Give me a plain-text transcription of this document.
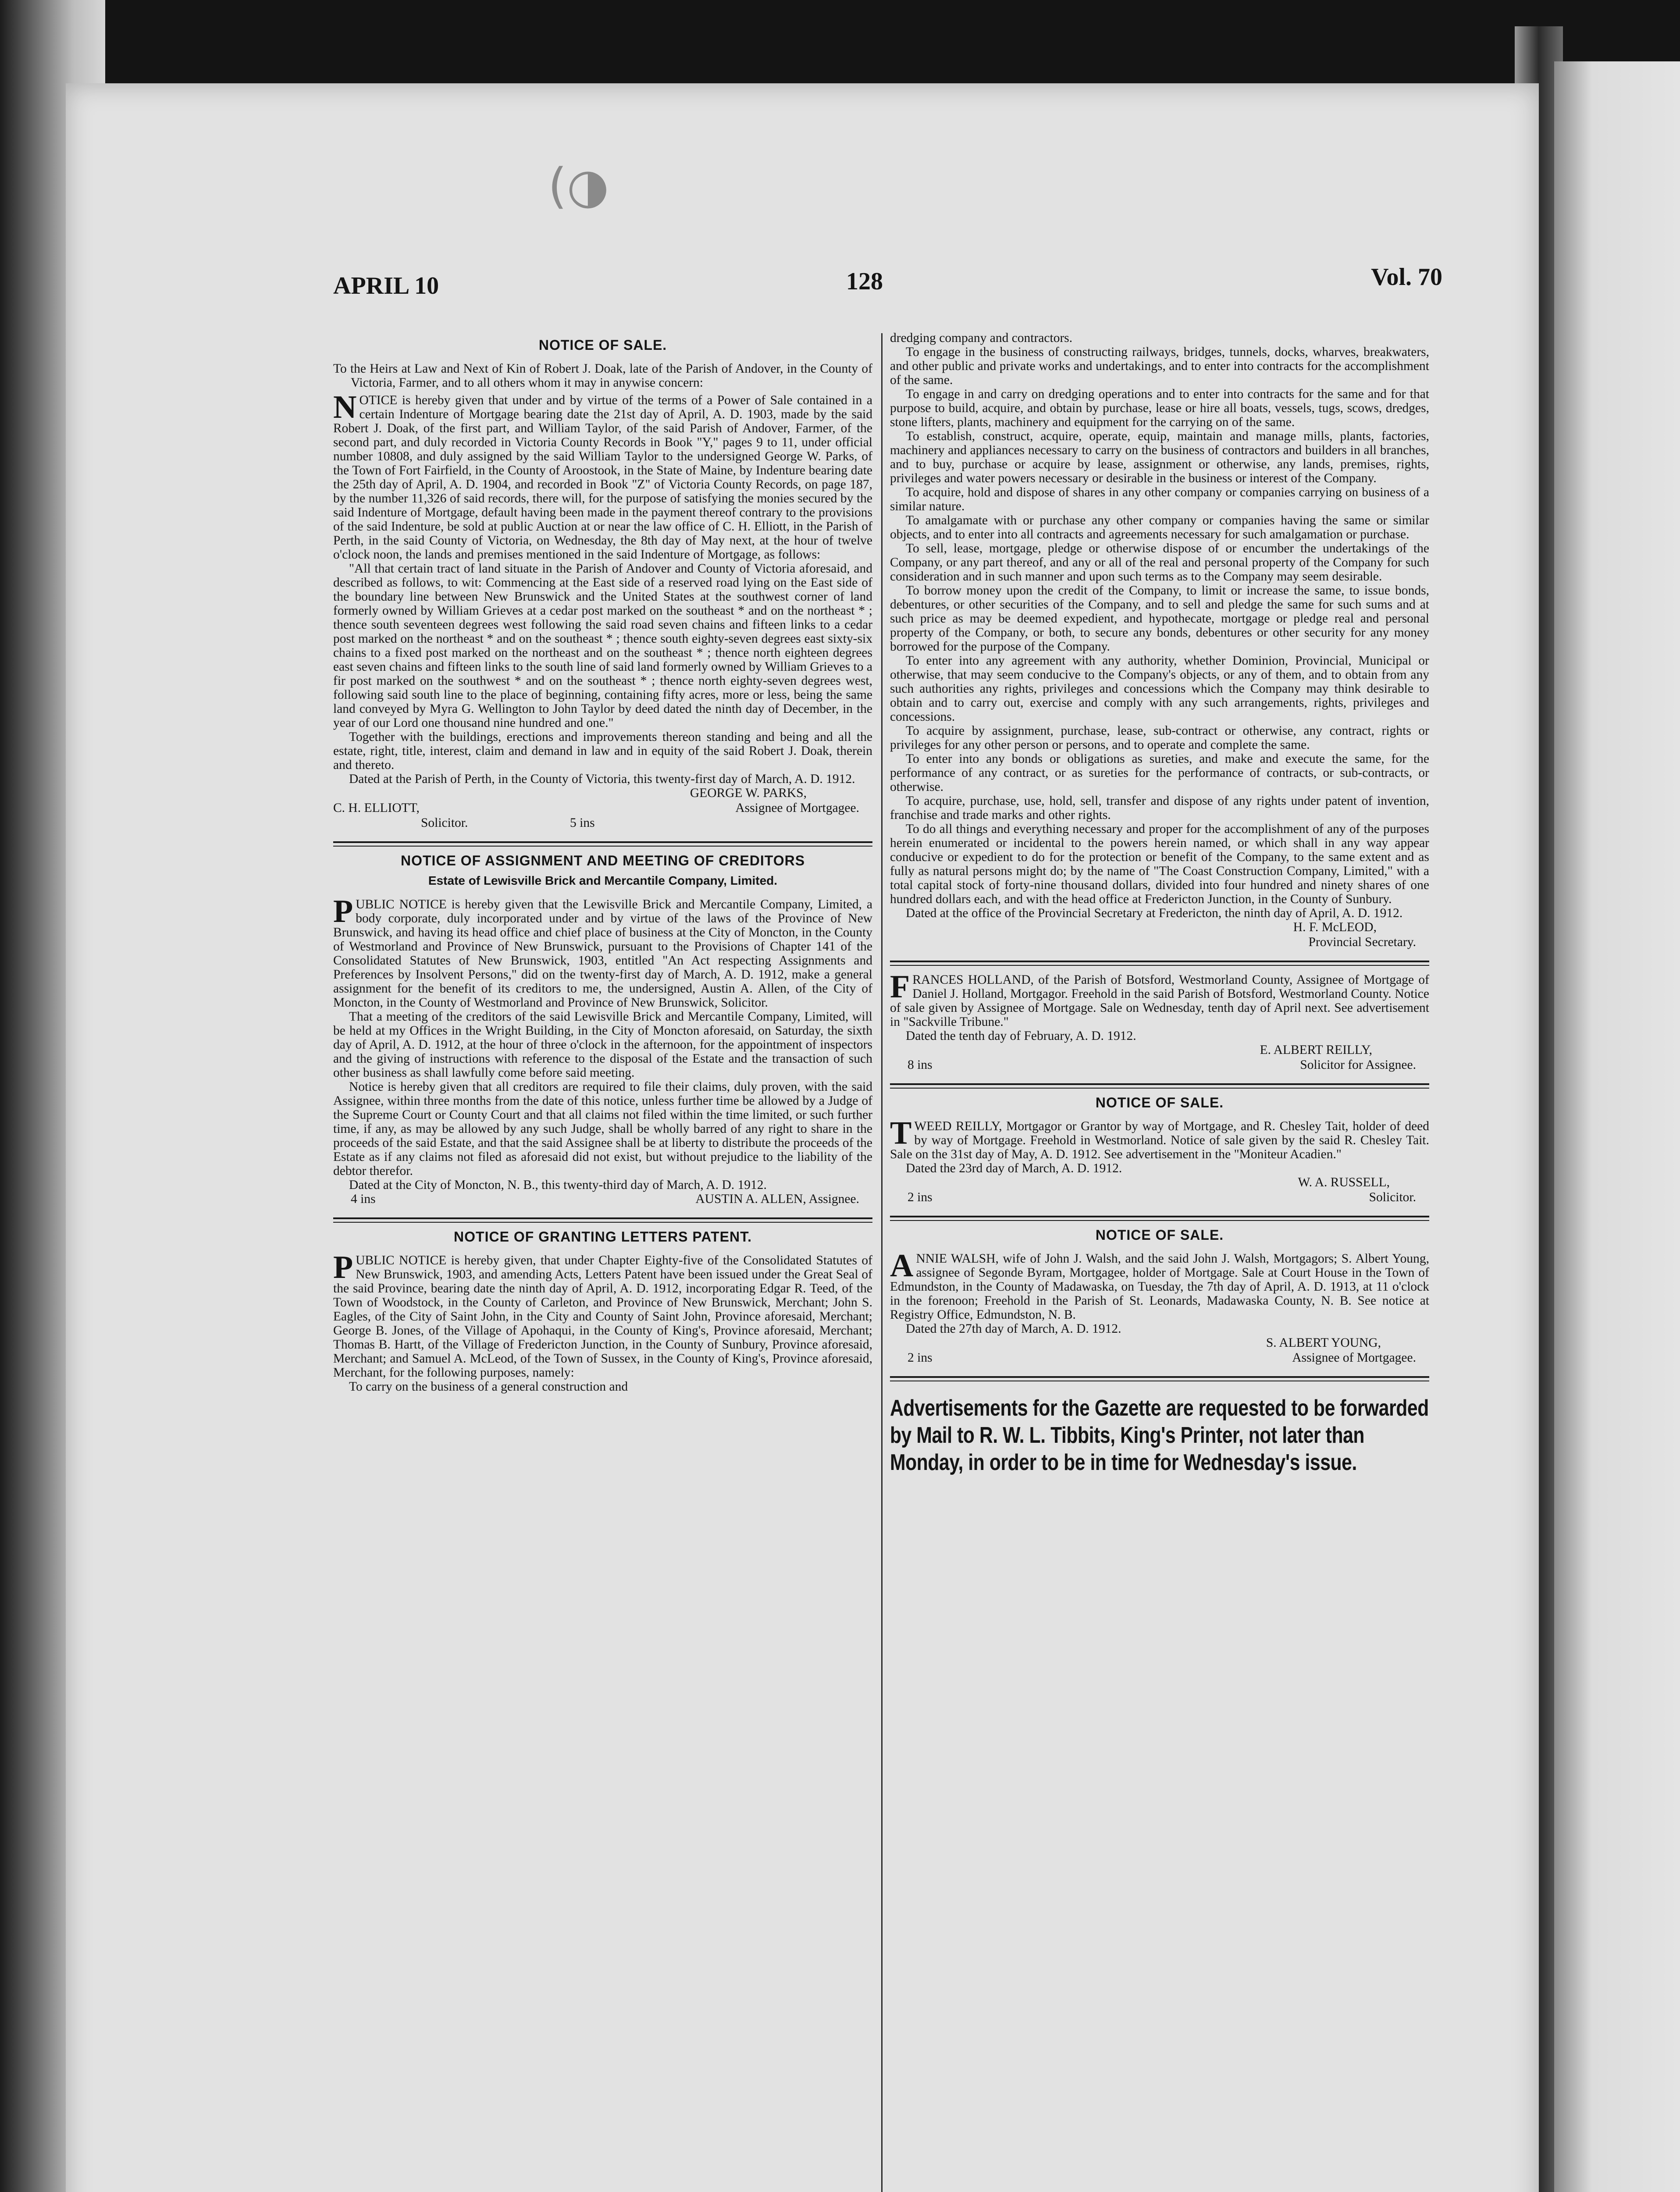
(◑
APRIL 10	128	Vol. 70
NOTICE OF SALE.

To the Heirs at Law and Next of Kin of Robert J. Doak, late of the Parish of Andover, in the County of Victoria, Farmer, and to all others whom it may in anywise concern:

NOTICE is hereby given that under and by virtue of the terms of a Power of Sale contained in a certain Indenture of Mortgage bearing date the 21st day of April, A. D. 1903, made by the said Robert J. Doak, of the first part, and William Taylor, of the said Parish of Andover, Farmer, of the second part, and duly recorded in Victoria County Records in Book "Y," pages 9 to 11, under official number 10808, and duly assigned by the said William Taylor to the undersigned George W. Parks, of the Town of Fort Fairfield, in the County of Aroostook, in the State of Maine, by Indenture bearing date the 25th day of April, A. D. 1904, and recorded in Book "Z" of Victoria County Records, on page 187, by the number 11,326 of said records, there will, for the purpose of satisfying the monies secured by the said Indenture of Mortgage, default having been made in the payment thereof contrary to the provisions of the said Indenture, be sold at public Auction at or near the law office of C. H. Elliott, in the Parish of Perth, in the said County of Victoria, on Wednesday, the 8th day of May next, at the hour of twelve o'clock noon, the lands and premises mentioned in the said Indenture of Mortgage, as follows:

"All that certain tract of land situate in the Parish of Andover and County of Victoria aforesaid, and described as follows, to wit: Commencing at the East side of a reserved road lying on the East side of the boundary line between New Brunswick and the United States at the southwest corner of land formerly owned by William Grieves at a cedar post marked on the southeast * and on the northeast * ; thence south seventeen degrees west following the said road seven chains and fifteen links to a cedar post marked on the northeast * and on the southeast * ; thence south eighty-seven degrees east sixty-six chains to a fixed post marked on the northeast and on the southeast * ; thence north eighteen degrees east seven chains and fifteen links to the south line of said land formerly owned by William Grieves to a fir post marked on the southwest * and on the southeast * ; thence north eighty-seven degrees west, following said south line to the place of beginning, containing fifty acres, more or less, being the same land conveyed by Myra G. Wellington to John Taylor by deed dated the ninth day of December, in the year of our Lord one thousand nine hundred and one."

Together with the buildings, erections and improvements thereon standing and being and all the estate, right, title, interest, claim and demand in law and in equity of the said Robert J. Doak, therein and thereto.

Dated at the Parish of Perth, in the County of Victoria, this twenty-first day of March, A. D. 1912.

GEORGE W. PARKS,
C. H. ELLIOTT,	Assignee of Mortgagee.
Solicitor.	5 ins
NOTICE OF ASSIGNMENT AND MEETING OF CREDITORS
Estate of Lewisville Brick and Mercantile Company, Limited.

PUBLIC NOTICE is hereby given that the Lewisville Brick and Mercantile Company, Limited, a body corporate, duly incorporated under and by virtue of the laws of the Province of New Brunswick, and having its head office and chief place of business at the City of Moncton, in the County of Westmorland and Province of New Brunswick, pursuant to the Provisions of Chapter 141 of the Consolidated Statutes of New Brunswick, 1903, entitled "An Act respecting Assignments and Preferences by Insolvent Persons," did on the twenty-first day of March, A. D. 1912, make a general assignment for the benefit of its creditors to me, the undersigned, Austin A. Allen, of the City of Moncton, in the County of Westmorland and Province of New Brunswick, Solicitor.

That a meeting of the creditors of the said Lewisville Brick and Mercantile Company, Limited, will be held at my Offices in the Wright Building, in the City of Moncton aforesaid, on Saturday, the sixth day of April, A. D. 1912, at the hour of three o'clock in the afternoon, for the appointment of inspectors and the giving of instructions with reference to the disposal of the Estate and the transaction of such other business as shall lawfully come before said meeting.

Notice is hereby given that all creditors are required to file their claims, duly proven, with the said Assignee, within three months from the date of this notice, unless further time be allowed by a Judge of the Supreme Court or County Court and that all claims not filed within the time limited, or such further time, if any, as may be allowed by any such Judge, shall be wholly barred of any right to share in the proceeds of the said Estate, and that the said Assignee shall be at liberty to distribute the proceeds of the Estate as if any claims not filed as aforesaid did not exist, but without prejudice to the liability of the debtor therefor.

Dated at the City of Moncton, N. B., this twenty-third day of March, A. D. 1912.

4 ins	AUSTIN A. ALLEN, Assignee.
NOTICE OF GRANTING LETTERS PATENT.

PUBLIC NOTICE is hereby given, that under Chapter Eighty-five of the Consolidated Statutes of New Brunswick, 1903, and amending Acts, Letters Patent have been issued under the Great Seal of the said Province, bearing date the ninth day of April, A. D. 1912, incorporating Edgar R. Teed, of the Town of Woodstock, in the County of Carleton, and Province of New Brunswick, Merchant; John S. Eagles, of the City of Saint John, in the City and County of Saint John, Province aforesaid, Merchant; George B. Jones, of the Village of Apohaqui, in the County of King's, Province aforesaid, Merchant; Thomas B. Hartt, of the Village of Fredericton Junction, in the County of Sunbury, Province aforesaid, Merchant; and Samuel A. McLeod, of the Town of Sussex, in the County of King's, Province aforesaid, Merchant, for the following purposes, namely:

To carry on the business of a general construction and

dredging company and contractors.

To engage in the business of constructing railways, bridges, tunnels, docks, wharves, breakwaters, and other public and private works and undertakings, and to enter into contracts for the accomplishment of the same.

To engage in and carry on dredging operations and to enter into contracts for the same and for that purpose to build, acquire, and obtain by purchase, lease or hire all boats, vessels, tugs, scows, dredges, stone lifters, plants, machinery and equipment for the carrying on of the same.

To establish, construct, acquire, operate, equip, maintain and manage mills, plants, factories, machinery and appliances necessary to carry on the business of contractors and builders in all branches, and to buy, purchase or acquire by lease, assignment or otherwise, any lands, premises, rights, privileges and water powers necessary or desirable in the business or interest of the Company.

To acquire, hold and dispose of shares in any other company or companies carrying on business of a similar nature.

To amalgamate with or purchase any other company or companies having the same or similar objects, and to enter into all contracts and agreements necessary for such amalgamation or purchase.

To sell, lease, mortgage, pledge or otherwise dispose of or encumber the undertakings of the Company, or any part thereof, and any or all of the real and personal property of the Company for such consideration and in such manner and upon such terms as to the Company may seem desirable.

To borrow money upon the credit of the Company, to limit or increase the same, to issue bonds, debentures, or other securities of the Company, and to sell and pledge the same for such sums and at such price as may be deemed expedient, and hypothecate, mortgage or pledge real and personal property of the Company, or both, to secure any bonds, debentures or other security for any money borrowed for the purpose of the Company.

To enter into any agreement with any authority, whether Dominion, Provincial, Municipal or otherwise, that may seem conducive to the Company's objects, or any of them, and to obtain from any such authorities any rights, privileges and concessions which the Company may think desirable to obtain and to carry out, exercise and comply with any such arrangements, rights, privileges and concessions.

To acquire by assignment, purchase, lease, sub-contract or otherwise, any contract, rights or privileges for any other person or persons, and to operate and complete the same.

To enter into any bonds or obligations as sureties, and make and execute the same, for the performance of any contract, or as sureties for the performance of contracts, or sub-contracts, or otherwise.

To acquire, purchase, use, hold, sell, transfer and dispose of any rights under patent of invention, franchise and trade marks and other rights.

To do all things and everything necessary and proper for the accomplishment of any of the purposes herein enumerated or incidental to the powers herein named, or which shall in any way appear conducive or expedient to do for the protection or benefit of the Company, to the same extent and as fully as natural persons might do; by the name of "The Coast Construction Company, Limited," with a total capital stock of forty-nine thousand dollars, divided into four hundred and ninety shares of one hundred dollars each, and with the head office at Fredericton Junction, in the County of Sunbury.

Dated at the office of the Provincial Secretary at Fredericton, the ninth day of April, A. D. 1912.

H. F. McLEOD,
Provincial Secretary.

FRANCES HOLLAND, of the Parish of Botsford, Westmorland County, Assignee of Mortgage of Daniel J. Holland, Mortgagor. Freehold in the said Parish of Botsford, Westmorland County. Notice of sale given by Assignee of Mortgage. Sale on Wednesday, tenth day of April next. See advertisement in "Sackville Tribune."

Dated the tenth day of February, A. D. 1912.

E. ALBERT REILLY,
8 ins	Solicitor for Assignee.
NOTICE OF SALE.

TWEED REILLY, Mortgagor or Grantor by way of Mortgage, and R. Chesley Tait, holder of deed by way of Mortgage. Freehold in Westmorland. Notice of sale given by the said R. Chesley Tait. Sale on the 31st day of May, A. D. 1912. See advertisement in the "Moniteur Acadien."

Dated the 23rd day of March, A. D. 1912.

W. A. RUSSELL,
2 ins	Solicitor.
NOTICE OF SALE.

ANNIE WALSH, wife of John J. Walsh, and the said John J. Walsh, Mortgagors; S. Albert Young, assignee of Segonde Byram, Mortgagee, holder of Mortgage. Sale at Court House in the Town of Edmundston, in the County of Madawaska, on Tuesday, the 7th day of April, A. D. 1913, at 11 o'clock in the forenoon; Freehold in the Parish of St. Leonards, Madawaska County, N. B. See notice at Registry Office, Edmundston, N. B.

Dated the 27th day of March, A. D. 1912.

S. ALBERT YOUNG,
2 ins	Assignee of Mortgagee.
Advertisements for the Gazette are requested to be forwarded by Mail to R. W. L. Tibbits, King's Printer, not later than Monday, in order to be in time for Wednesday's issue.
